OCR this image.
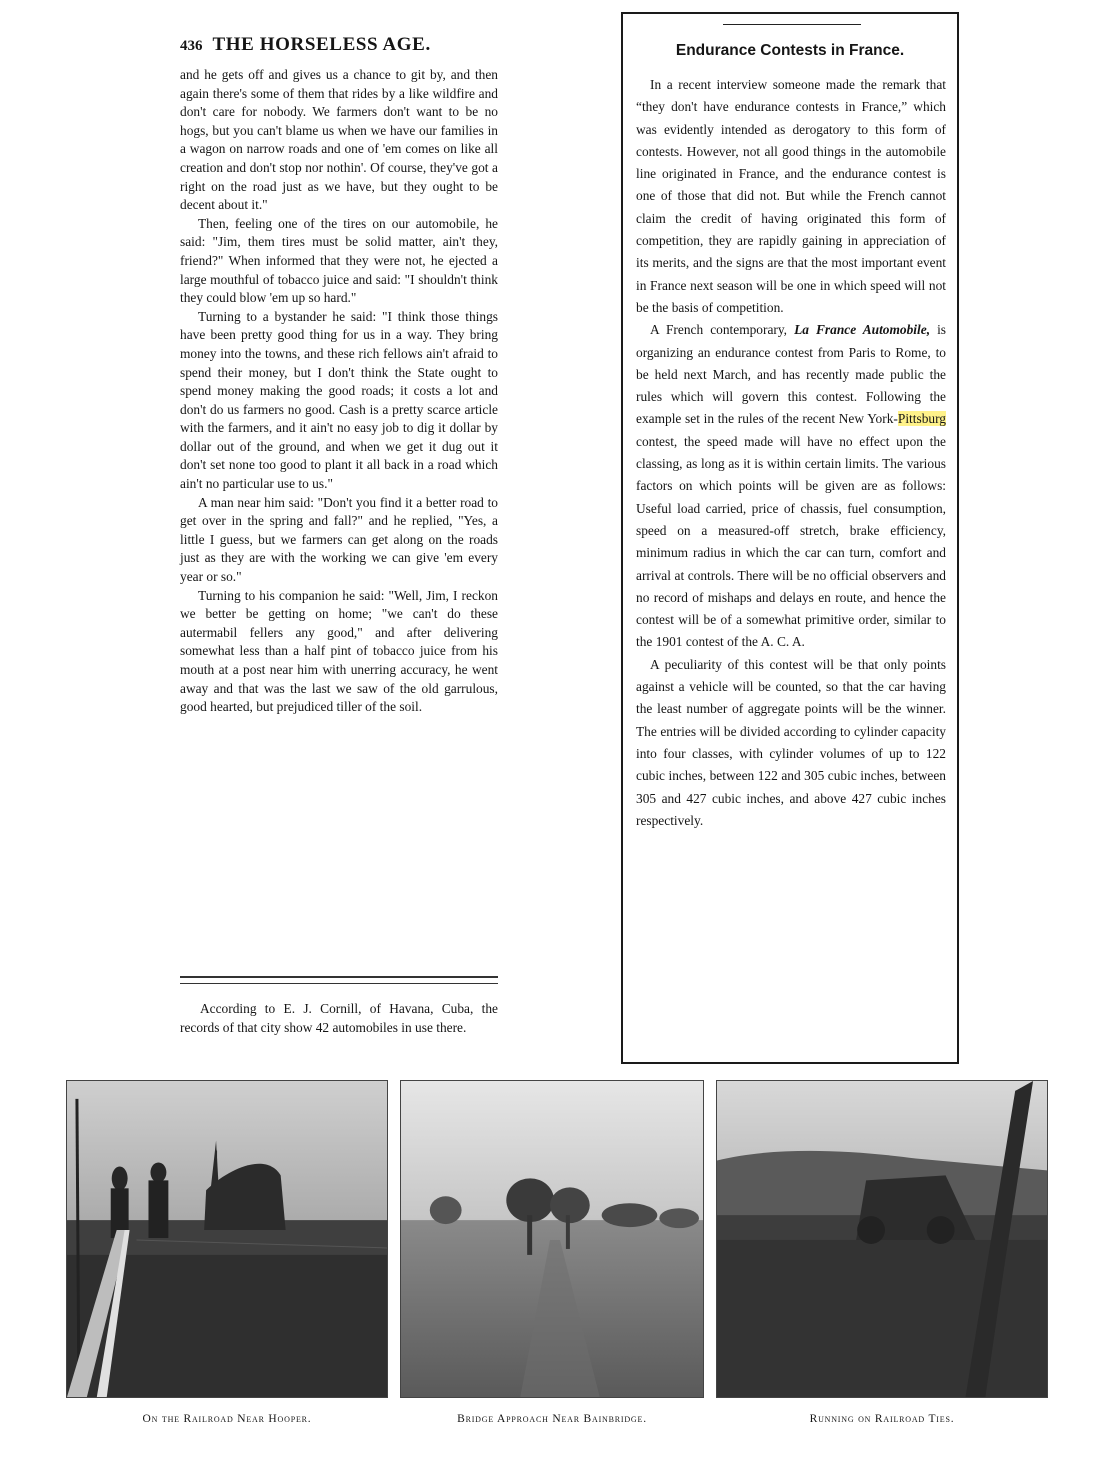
436 THE HORSELESS AGE.

and he gets off and gives us a chance to git by, and then again there's some of them that rides by a like wildfire and don't care for nobody. We farmers don't want to be no hogs, but you can't blame us when we have our families in a wagon on narrow roads and one of 'em comes on like all creation and don't stop nor nothin'. Of course, they've got a right on the road just as we have, but they ought to be decent about it."

Then, feeling one of the tires on our automobile, he said: "Jim, them tires must be solid matter, ain't they, friend?" When informed that they were not, he ejected a large mouthful of tobacco juice and said: "I shouldn't think they could blow 'em up so hard."

Turning to a bystander he said: "I think those things have been pretty good thing for us in a way. They bring money into the towns, and these rich fellows ain't afraid to spend their money, but I don't think the State ought to spend money making the good roads; it costs a lot and don't do us farmers no good. Cash is a pretty scarce article with the farmers, and it ain't no easy job to dig it dollar by dollar out of the ground, and when we get it dug out it don't set none too good to plant it all back in a road which ain't no particular use to us."

A man near him said: "Don't you find it a better road to get over in the spring and fall?" and he replied, "Yes, a little I guess, but we farmers can get along on the roads just as they are with the working we can give 'em every year or so."

Turning to his companion he said: "Well, Jim, I reckon we better be getting on home; "we can't do these autermabil fellers any good," and after delivering somewhat less than a half pint of tobacco juice from his mouth at a post near him with unerring accuracy, he went away and that was the last we saw of the old garrulous, good hearted, but prejudiced tiller of the soil.

According to E. J. Cornill, of Havana, Cuba, the records of that city show 42 automobiles in use there.

Endurance Contests in France.

In a recent interview someone made the remark that “they don't have endurance contests in France,” which was evidently intended as derogatory to this form of contests. However, not all good things in the automobile line originated in France, and the endurance contest is one of those that did not. But while the French cannot claim the credit of having originated this form of competition, they are rapidly gaining in appreciation of its merits, and the signs are that the most important event in France next season will be one in which speed will not be the basis of competition.

A French contemporary, La France Automobile, is organizing an endurance contest from Paris to Rome, to be held next March, and has recently made public the rules which will govern this contest. Following the example set in the rules of the recent New York-Pittsburg contest, the speed made will have no effect upon the classing, as long as it is within certain limits. The various factors on which points will be given are as follows: Useful load carried, price of chassis, fuel consumption, speed on a measured-off stretch, brake efficiency, minimum radius in which the car can turn, comfort and arrival at controls. There will be no official observers and no record of mishaps and delays en route, and hence the contest will be of a somewhat primitive order, similar to the 1901 contest of the A. C. A.

A peculiarity of this contest will be that only points against a vehicle will be counted, so that the car having the least number of aggregate points will be the winner. The entries will be divided according to cylinder capacity into four classes, with cylinder volumes of up to 122 cubic inches, between 122 and 305 cubic inches, between 305 and 427 cubic inches, and above 427 cubic inches respectively.

On the Railroad Near Hooper.	Bridge Approach Near Bainbridge.	Running on Railroad Ties.
